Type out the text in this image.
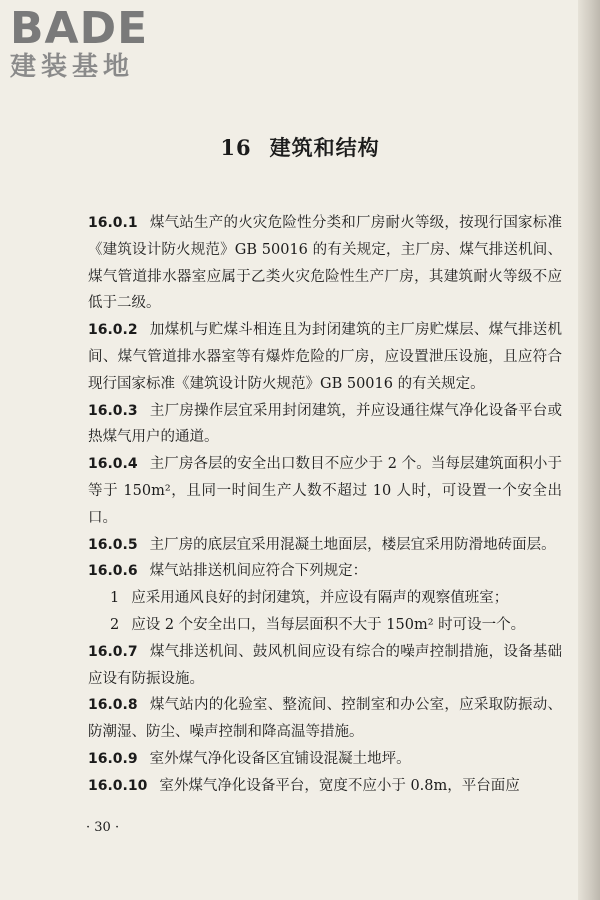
BADE
建装基地
16 建筑和结构

16.0.1 煤气站生产的火灾危险性分类和厂房耐火等级，按现行国家标准《建筑设计防火规范》GB 50016 的有关规定，主厂房、煤气排送机间、煤气管道排水器室应属于乙类火灾危险性生产厂房，其建筑耐火等级不应低于二级。

16.0.2 加煤机与贮煤斗相连且为封闭建筑的主厂房贮煤层、煤气排送机间、煤气管道排水器室等有爆炸危险的厂房，应设置泄压设施，且应符合现行国家标准《建筑设计防火规范》GB 50016 的有关规定。

16.0.3 主厂房操作层宜采用封闭建筑，并应设通往煤气净化设备平台或热煤气用户的通道。

16.0.4 主厂房各层的安全出口数目不应少于 2 个。当每层建筑面积小于等于 150m²，且同一时间生产人数不超过 10 人时，可设置一个安全出口。

16.0.5 主厂房的底层宜采用混凝土地面层，楼层宜采用防滑地砖面层。

16.0.6 煤气站排送机间应符合下列规定：

1 应采用通风良好的封闭建筑，并应设有隔声的观察值班室；

2 应设 2 个安全出口，当每层面积不大于 150m² 时可设一个。

16.0.7 煤气排送机间、鼓风机间应设有综合的噪声控制措施，设备基础应设有防振设施。

16.0.8 煤气站内的化验室、整流间、控制室和办公室，应采取防振动、防潮湿、防尘、噪声控制和降高温等措施。

16.0.9 室外煤气净化设备区宜铺设混凝土地坪。

16.0.10 室外煤气净化设备平台，宽度不应小于 0.8m，平台面应

· 30 ·
